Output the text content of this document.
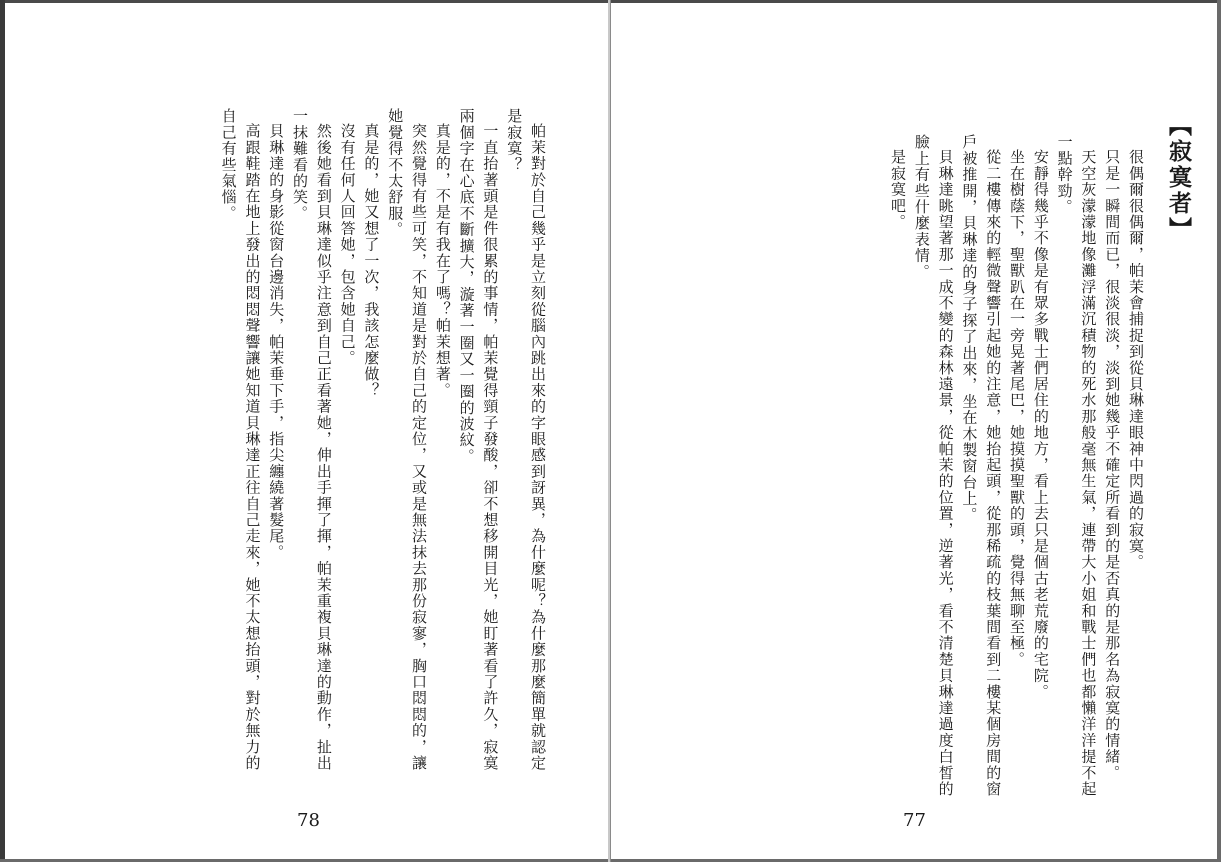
【寂寞者】
很偶爾很偶爾，帕茉會捕捉到從貝琳達眼神中閃過的寂寞。
只是一瞬間而已，很淡很淡，淡到她幾乎不確定所看到的是否真的是那名為寂寞的情緒。
天空灰濛濛地像灘浮滿沉積物的死水那般毫無生氣，連帶大小姐和戰士們也都懶洋洋提不起
一點幹勁。
安靜得幾乎不像是有眾多戰士們居住的地方，看上去只是個古老荒廢的宅院。
坐在樹蔭下，聖獸趴在一旁晃著尾巴，她摸摸聖獸的頭，覺得無聊至極。
從二樓傳來的輕微聲響引起她的注意，她抬起頭，從那稀疏的枝葉間看到二樓某個房間的窗
戶被推開，貝琳達的身子探了出來，坐在木製窗台上。
貝琳達眺望著那一成不變的森林遠景，從帕茉的位置，逆著光，看不清楚貝琳達過度白皙的
臉上有些什麼表情。
是寂寞吧。
77
帕茉對於自己幾乎是立刻從腦內跳出來的字眼感到訝異，為什麼呢？為什麼那麼簡單就認定
是寂寞？
一直抬著頭是件很累的事情，帕茉覺得頸子發酸，卻不想移開目光，她盯著看了許久，寂寞
兩個字在心底不斷擴大，漩著一圈又一圈的波紋。
真是的，不是有我在了嗎？帕茉想著。
突然覺得有些可笑，不知道是對於自己的定位，又或是無法抹去那份寂寥，胸口悶悶的，讓
她覺得不太舒服。
真是的，她又想了一次，我該怎麼做？
沒有任何人回答她，包含她自己。
然後她看到貝琳達似乎注意到自己正看著她，伸出手揮了揮，帕茉重複貝琳達的動作，扯出
一抹難看的笑。
貝琳達的身影從窗台邊消失，帕茉垂下手，指尖纏繞著髮尾。
高跟鞋踏在地上發出的悶悶聲響讓她知道貝琳達正往自己走來，她不太想抬頭，對於無力的
自己有些氣惱。
78
